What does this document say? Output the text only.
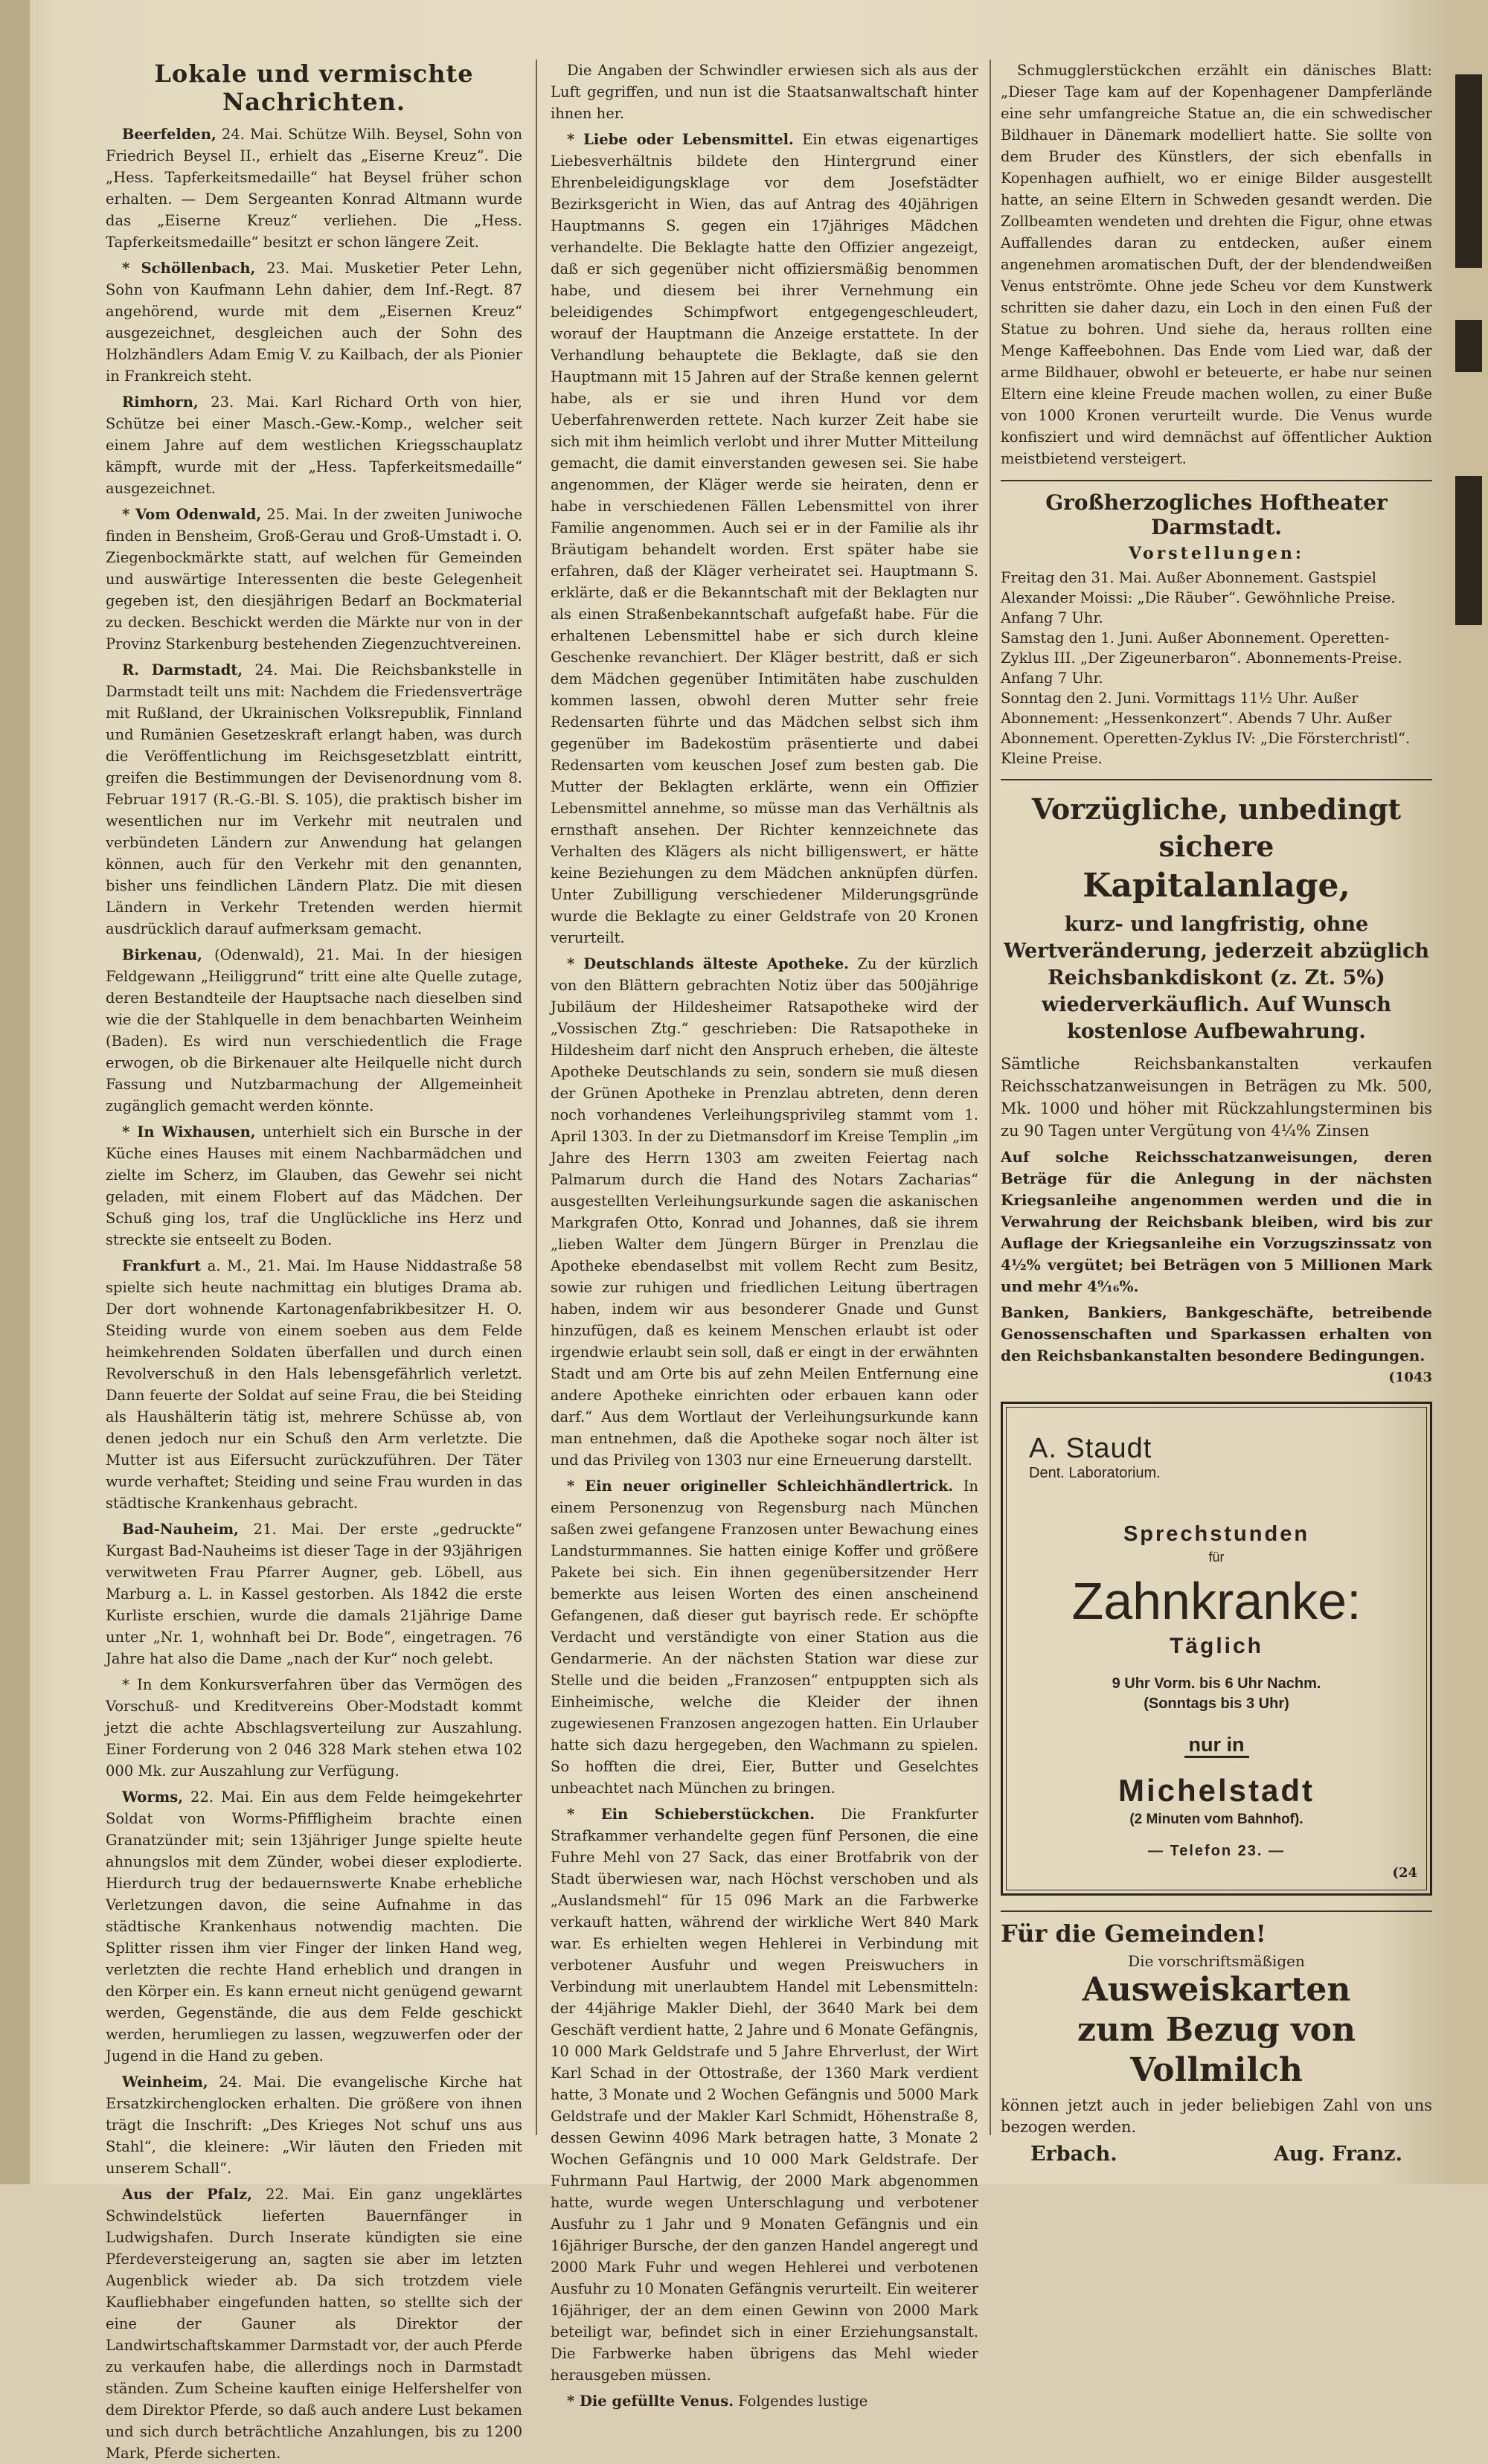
Lokale und vermischte Nachrichten.

Beerfelden, 24. Mai. Schütze Wilh. Beysel, Sohn von Friedrich Beysel II., erhielt das „Eiserne Kreuz“. Die „Hess. Tapferkeitsmedaille“ hat Beysel früher schon erhalten. — Dem Sergeanten Konrad Altmann wurde das „Eiserne Kreuz“ verliehen. Die „Hess. Tapferkeitsmedaille“ besitzt er schon längere Zeit.

* Schöllenbach, 23. Mai. Musketier Peter Lehn, Sohn von Kaufmann Lehn dahier, dem Inf.-Regt. 87 angehörend, wurde mit dem „Eisernen Kreuz“ ausgezeichnet, desgleichen auch der Sohn des Holzhändlers Adam Emig V. zu Kailbach, der als Pionier in Frankreich steht.

Rimhorn, 23. Mai. Karl Richard Orth von hier, Schütze bei einer Masch.-Gew.-Komp., welcher seit einem Jahre auf dem westlichen Kriegsschauplatz kämpft, wurde mit der „Hess. Tapferkeitsmedaille“ ausgezeichnet.

* Vom Odenwald, 25. Mai. In der zweiten Juniwoche finden in Bensheim, Groß-Gerau und Groß-Umstadt i. O. Ziegenbockmärkte statt, auf welchen für Gemeinden und auswärtige Interessenten die beste Gelegenheit gegeben ist, den diesjährigen Bedarf an Bockmaterial zu decken. Beschickt werden die Märkte nur von in der Provinz Starkenburg bestehenden Ziegenzuchtvereinen.

R. Darmstadt, 24. Mai. Die Reichsbankstelle in Darmstadt teilt uns mit: Nachdem die Friedensverträge mit Rußland, der Ukrainischen Volksrepublik, Finnland und Rumänien Gesetzeskraft erlangt haben, was durch die Veröffentlichung im Reichsgesetzblatt eintritt, greifen die Bestimmungen der Devisenordnung vom 8. Februar 1917 (R.-G.-Bl. S. 105), die praktisch bisher im wesentlichen nur im Verkehr mit neutralen und verbündeten Ländern zur Anwendung hat gelangen können, auch für den Verkehr mit den genannten, bisher uns feindlichen Ländern Platz. Die mit diesen Ländern in Verkehr Tretenden werden hiermit ausdrücklich darauf aufmerksam gemacht.

Birkenau, (Odenwald), 21. Mai. In der hiesigen Feldgewann „Heiliggrund“ tritt eine alte Quelle zutage, deren Bestandteile der Hauptsache nach dieselben sind wie die der Stahlquelle in dem benachbarten Weinheim (Baden). Es wird nun verschiedentlich die Frage erwogen, ob die Birkenauer alte Heilquelle nicht durch Fassung und Nutzbarmachung der Allgemeinheit zugänglich gemacht werden könnte.

* In Wixhausen, unterhielt sich ein Bursche in der Küche eines Hauses mit einem Nachbarmädchen und zielte im Scherz, im Glauben, das Gewehr sei nicht geladen, mit einem Flobert auf das Mädchen. Der Schuß ging los, traf die Unglückliche ins Herz und streckte sie entseelt zu Boden.

Frankfurt a. M., 21. Mai. Im Hause Niddastraße 58 spielte sich heute nachmittag ein blutiges Drama ab. Der dort wohnende Kartonagenfabrikbesitzer H. O. Steiding wurde von einem soeben aus dem Felde heimkehrenden Soldaten überfallen und durch einen Revolverschuß in den Hals lebensgefährlich verletzt. Dann feuerte der Soldat auf seine Frau, die bei Steiding als Haushälterin tätig ist, mehrere Schüsse ab, von denen jedoch nur ein Schuß den Arm verletzte. Die Mutter ist aus Eifersucht zurückzuführen. Der Täter wurde verhaftet; Steiding und seine Frau wurden in das städtische Krankenhaus gebracht.

Bad-Nauheim, 21. Mai. Der erste „gedruckte“ Kurgast Bad-Nauheims ist dieser Tage in der 93jährigen verwitweten Frau Pfarrer Augner, geb. Löbell, aus Marburg a. L. in Kassel gestorben. Als 1842 die erste Kurliste erschien, wurde die damals 21jährige Dame unter „Nr. 1, wohnhaft bei Dr. Bode“, eingetragen. 76 Jahre hat also die Dame „nach der Kur“ noch gelebt.

* In dem Konkursverfahren über das Vermögen des Vorschuß- und Kreditvereins Ober-Modstadt kommt jetzt die achte Abschlagsverteilung zur Auszahlung. Einer Forderung von 2 046 328 Mark stehen etwa 102 000 Mk. zur Auszahlung zur Verfügung.

Worms, 22. Mai. Ein aus dem Felde heimgekehrter Soldat von Worms-Pfiffligheim brachte einen Granatzünder mit; sein 13jähriger Junge spielte heute ahnungslos mit dem Zünder, wobei dieser explodierte. Hierdurch trug der bedauernswerte Knabe erhebliche Verletzungen davon, die seine Aufnahme in das städtische Krankenhaus notwendig machten. Die Splitter rissen ihm vier Finger der linken Hand weg, verletzten die rechte Hand erheblich und drangen in den Körper ein. Es kann erneut nicht genügend gewarnt werden, Gegenstände, die aus dem Felde geschickt werden, herumliegen zu lassen, wegzuwerfen oder der Jugend in die Hand zu geben.

Weinheim, 24. Mai. Die evangelische Kirche hat Ersatzkirchenglocken erhalten. Die größere von ihnen trägt die Inschrift: „Des Krieges Not schuf uns aus Stahl“, die kleinere: „Wir läuten den Frieden mit unserem Schall“.

Aus der Pfalz, 22. Mai. Ein ganz ungeklärtes Schwindelstück lieferten Bauernfänger in Ludwigshafen. Durch Inserate kündigten sie eine Pferdeversteigerung an, sagten sie aber im letzten Augenblick wieder ab. Da sich trotzdem viele Kaufliebhaber eingefunden hatten, so stellte sich der eine der Gauner als Direktor der Landwirtschaftskammer Darmstadt vor, der auch Pferde zu verkaufen habe, die allerdings noch in Darmstadt ständen. Zum Scheine kauften einige Helfershelfer von dem Direktor Pferde, so daß auch andere Lust bekamen und sich durch beträchtliche Anzahlungen, bis zu 1200 Mark, Pferde sicherten.

Die Angaben der Schwindler erwiesen sich als aus der Luft gegriffen, und nun ist die Staatsanwaltschaft hinter ihnen her.

* Liebe oder Lebensmittel. Ein etwas eigenartiges Liebesverhältnis bildete den Hintergrund einer Ehrenbeleidigungsklage vor dem Josefstädter Bezirksgericht in Wien, das auf Antrag des 40jährigen Hauptmanns S. gegen ein 17jähriges Mädchen verhandelte. Die Beklagte hatte den Offizier angezeigt, daß er sich gegenüber nicht offiziersmäßig benommen habe, und diesem bei ihrer Vernehmung ein beleidigendes Schimpfwort entgegengeschleudert, worauf der Hauptmann die Anzeige erstattete. In der Verhandlung behauptete die Beklagte, daß sie den Hauptmann mit 15 Jahren auf der Straße kennen gelernt habe, als er sie und ihren Hund vor dem Ueberfahrenwerden rettete. Nach kurzer Zeit habe sie sich mit ihm heimlich verlobt und ihrer Mutter Mitteilung gemacht, die damit einverstanden gewesen sei. Sie habe angenommen, der Kläger werde sie heiraten, denn er habe in verschiedenen Fällen Lebensmittel von ihrer Familie angenommen. Auch sei er in der Familie als ihr Bräutigam behandelt worden. Erst später habe sie erfahren, daß der Kläger verheiratet sei. Hauptmann S. erklärte, daß er die Bekanntschaft mit der Beklagten nur als einen Straßenbekanntschaft aufgefaßt habe. Für die erhaltenen Lebensmittel habe er sich durch kleine Geschenke revanchiert. Der Kläger bestritt, daß er sich dem Mädchen gegenüber Intimitäten habe zuschulden kommen lassen, obwohl deren Mutter sehr freie Redensarten führte und das Mädchen selbst sich ihm gegenüber im Badekostüm präsentierte und dabei Redensarten vom keuschen Josef zum besten gab. Die Mutter der Beklagten erklärte, wenn ein Offizier Lebensmittel annehme, so müsse man das Verhältnis als ernsthaft ansehen. Der Richter kennzeichnete das Verhalten des Klägers als nicht billigenswert, er hätte keine Beziehungen zu dem Mädchen anknüpfen dürfen. Unter Zubilligung verschiedener Milderungsgründe wurde die Beklagte zu einer Geldstrafe von 20 Kronen verurteilt.

* Deutschlands älteste Apotheke. Zu der kürzlich von den Blättern gebrachten Notiz über das 500jährige Jubiläum der Hildesheimer Ratsapotheke wird der „Vossischen Ztg.“ geschrieben: Die Ratsapotheke in Hildesheim darf nicht den Anspruch erheben, die älteste Apotheke Deutschlands zu sein, sondern sie muß diesen der Grünen Apotheke in Prenzlau abtreten, denn deren noch vorhandenes Verleihungsprivileg stammt vom 1. April 1303. In der zu Dietmansdorf im Kreise Templin „im Jahre des Herrn 1303 am zweiten Feiertag nach Palmarum durch die Hand des Notars Zacharias“ ausgestellten Verleihungsurkunde sagen die askanischen Markgrafen Otto, Konrad und Johannes, daß sie ihrem „lieben Walter dem Jüngern Bürger in Prenzlau die Apotheke ebendaselbst mit vollem Recht zum Besitz, sowie zur ruhigen und friedlichen Leitung übertragen haben, indem wir aus besonderer Gnade und Gunst hinzufügen, daß es keinem Menschen erlaubt ist oder irgendwie erlaubt sein soll, daß er eingt in der erwähnten Stadt und am Orte bis auf zehn Meilen Entfernung eine andere Apotheke einrichten oder erbauen kann oder darf.“ Aus dem Wortlaut der Verleihungsurkunde kann man entnehmen, daß die Apotheke sogar noch älter ist und das Privileg von 1303 nur eine Erneuerung darstellt.

* Ein neuer origineller Schleichhändlertrick. In einem Personenzug von Regensburg nach München saßen zwei gefangene Franzosen unter Bewachung eines Landsturmmannes. Sie hatten einige Koffer und größere Pakete bei sich. Ein ihnen gegenübersitzender Herr bemerkte aus leisen Worten des einen anscheinend Gefangenen, daß dieser gut bayrisch rede. Er schöpfte Verdacht und verständigte von einer Station aus die Gendarmerie. An der nächsten Station war diese zur Stelle und die beiden „Franzosen“ entpuppten sich als Einheimische, welche die Kleider der ihnen zugewiesenen Franzosen angezogen hatten. Ein Urlauber hatte sich dazu hergegeben, den Wachmann zu spielen. So hofften die drei, Eier, Butter und Geselchtes unbeachtet nach München zu bringen.

* Ein Schieberstückchen. Die Frankfurter Strafkammer verhandelte gegen fünf Personen, die eine Fuhre Mehl von 27 Sack, das einer Brotfabrik von der Stadt überwiesen war, nach Höchst verschoben und als „Auslandsmehl“ für 15 096 Mark an die Farbwerke verkauft hatten, während der wirkliche Wert 840 Mark war. Es erhielten wegen Hehlerei in Verbindung mit verbotener Ausfuhr und wegen Preiswuchers in Verbindung mit unerlaubtem Handel mit Lebensmitteln: der 44jährige Makler Diehl, der 3640 Mark bei dem Geschäft verdient hatte, 2 Jahre und 6 Monate Gefängnis, 10 000 Mark Geldstrafe und 5 Jahre Ehrverlust, der Wirt Karl Schad in der Ottostraße, der 1360 Mark verdient hatte, 3 Monate und 2 Wochen Gefängnis und 5000 Mark Geldstrafe und der Makler Karl Schmidt, Höhenstraße 8, dessen Gewinn 4096 Mark betragen hatte, 3 Monate 2 Wochen Gefängnis und 10 000 Mark Geldstrafe. Der Fuhrmann Paul Hartwig, der 2000 Mark abgenommen hatte, wurde wegen Unterschlagung und verbotener Ausfuhr zu 1 Jahr und 9 Monaten Gefängnis und ein 16jähriger Bursche, der den ganzen Handel angeregt und 2000 Mark Fuhr und wegen Hehlerei und verbotenen Ausfuhr zu 10 Monaten Gefängnis verurteilt. Ein weiterer 16jähriger, der an dem einen Gewinn von 2000 Mark beteiligt war, befindet sich in einer Erziehungsanstalt. Die Farbwerke haben übrigens das Mehl wieder herausgeben müssen.

* Die gefüllte Venus. Folgendes lustige

Schmugglerstückchen erzählt ein dänisches Blatt: „Dieser Tage kam auf der Kopenhagener Dampferlände eine sehr umfangreiche Statue an, die ein schwedischer Bildhauer in Dänemark modelliert hatte. Sie sollte von dem Bruder des Künstlers, der sich ebenfalls in Kopenhagen aufhielt, wo er einige Bilder ausgestellt hatte, an seine Eltern in Schweden gesandt werden. Die Zollbeamten wendeten und drehten die Figur, ohne etwas Auffallendes daran zu entdecken, außer einem angenehmen aromatischen Duft, der der blendendweißen Venus entströmte. Ohne jede Scheu vor dem Kunstwerk schritten sie daher dazu, ein Loch in den einen Fuß der Statue zu bohren. Und siehe da, heraus rollten eine Menge Kaffeebohnen. Das Ende vom Lied war, daß der arme Bildhauer, obwohl er beteuerte, er habe nur seinen Eltern eine kleine Freude machen wollen, zu einer Buße von 1000 Kronen verurteilt wurde. Die Venus wurde konfisziert und wird demnächst auf öffentlicher Auktion meistbietend versteigert.

Großherzogliches Hoftheater Darmstadt.
Vorstellungen:

Freitag den 31. Mai. Außer Abonnement. Gastspiel Alexander Moissi: „Die Räuber“. Gewöhnliche Preise. Anfang 7 Uhr.

Samstag den 1. Juni. Außer Abonnement. Operetten-Zyklus III. „Der Zigeunerbaron“. Abonnements-Preise. Anfang 7 Uhr.

Sonntag den 2. Juni. Vormittags 11½ Uhr. Außer Abonnement: „Hessenkonzert“. Abends 7 Uhr. Außer Abonnement. Operetten-Zyklus IV: „Die Försterchristl“. Kleine Preise.

Vorzügliche, unbedingt sichere
Kapitalanlage,
kurz- und langfristig, ohne Wertveränderung, jederzeit abzüglich Reichsbankdiskont (z. Zt. 5%) wiederverkäuflich. Auf Wunsch kostenlose Aufbewahrung.
Sämtliche Reichsbankanstalten verkaufen Reichsschatzanweisungen in Beträgen zu Mk. 500, Mk. 1000 und höher mit Rückzahlungsterminen bis zu 90 Tagen unter Vergütung von 4¼% Zinsen
Auf solche Reichsschatzanweisungen, deren Beträge für die Anlegung in der nächsten Kriegsanleihe angenommen werden und die in Verwahrung der Reichsbank bleiben, wird bis zur Auflage der Kriegsanleihe ein Vorzugszinssatz von 4½% vergütet; bei Beträgen von 5 Millionen Mark und mehr 4⁹⁄₁₆%.
Banken, Bankiers, Bankgeschäfte, betreibende Genossenschaften und Sparkassen erhalten von den Reichsbankanstalten besondere Bedingungen.
(1043
A. Staudt
Dent. Laboratorium.
Sprechstunden
für
Zahnkranke:
Täglich
9 Uhr Vorm. bis 6 Uhr Nachm.
(Sonntags bis 3 Uhr)
nur in
Michelstadt
(2 Minuten vom Bahnhof).
— Telefon 23. —
(24
Für die Gemeinden!
Die vorschriftsmäßigen
Ausweiskarten
zum Bezug von Vollmilch
können jetzt auch in jeder beliebigen Zahl von uns bezogen werden.
Erbach.	Aug. Franz.
